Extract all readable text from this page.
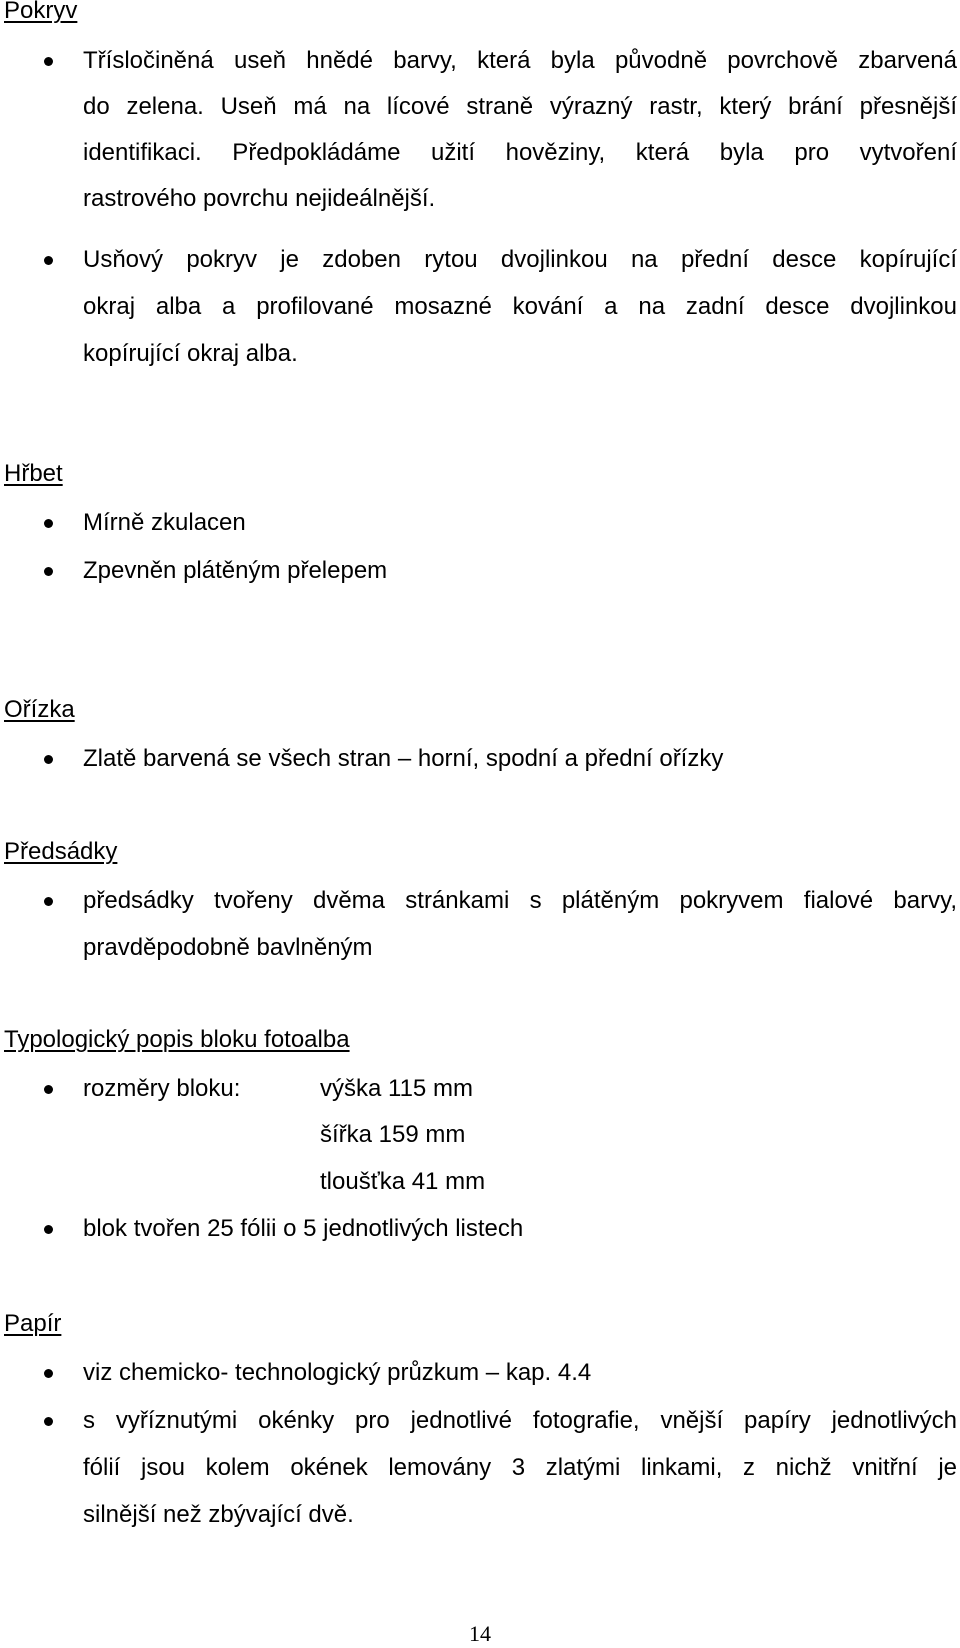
Pokryv
Třísločiněná useň hnědé barvy, která byla původně povrchově zbarvená
do zelena. Useň má na lícové straně výrazný rastr, který brání přesnější
identifikaci. Předpokládáme užití hověziny, která byla pro vytvoření
rastrového povrchu nejideálnější.
Usňový pokryv je zdoben rytou dvojlinkou na přední desce kopírující
okraj alba a profilované mosazné kování a na zadní desce dvojlinkou
kopírující okraj alba.
Hřbet
Mírně zkulacen
Zpevněn plátěným přelepem
Ořízka
Zlatě barvená se všech stran – horní, spodní a přední ořízky
Předsádky
předsádky tvořeny dvěma stránkami s plátěným pokryvem fialové barvy,
pravděpodobně bavlněným
Typologický popis bloku fotoalba
rozměry bloku:	výška 115 mm
šířka 159 mm
tloušťka 41 mm
blok tvořen 25 fólii o 5 jednotlivých listech
Papír
viz chemicko- technologický průzkum – kap. 4.4
s vyříznutými okénky pro jednotlivé fotografie, vnější papíry jednotlivých
fólií jsou kolem okének lemovány 3 zlatými linkami, z nichž vnitřní je
silnější než zbývající dvě.
14
